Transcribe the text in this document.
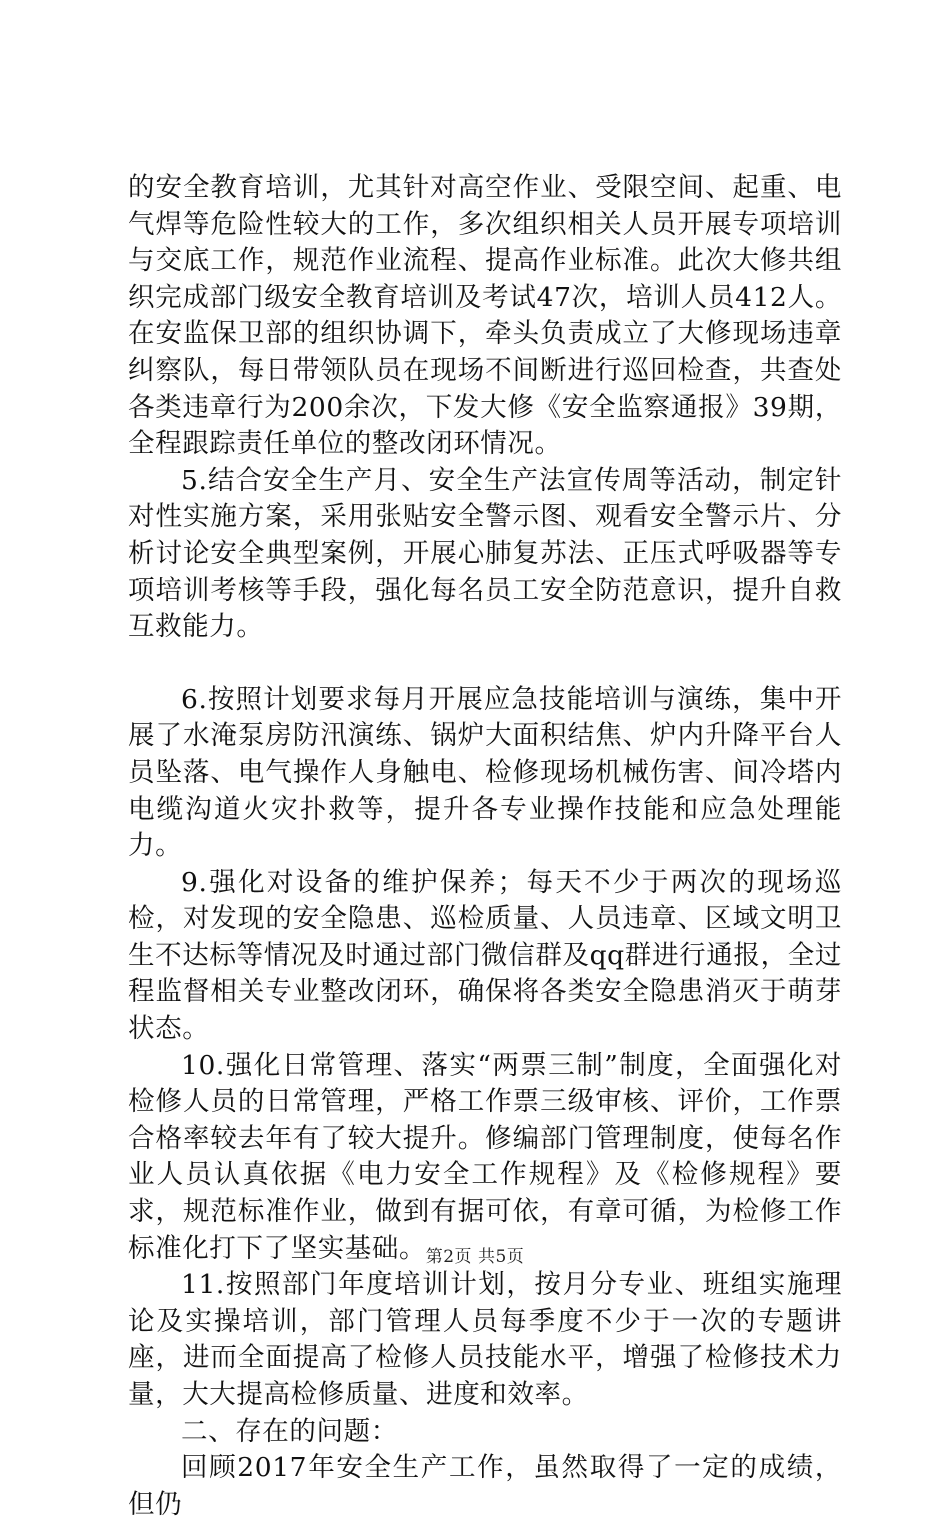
的安全教育培训，尤其针对高空作业、受限空间、起重、电气焊等危险性较大的工作，多次组织相关人员开展专项培训与交底工作，规范作业流程、提高作业标准。此次大修共组织完成部门级安全教育培训及考试47次，培训人员412人。在安监保卫部的组织协调下，牵头负责成立了大修现场违章纠察队，每日带领队员在现场不间断进行巡回检查，共查处各类违章行为200余次，下发大修《安全监察通报》39期，全程跟踪责任单位的整改闭环情况。

5.结合安全生产月、安全生产法宣传周等活动，制定针对性实施方案，采用张贴安全警示图、观看安全警示片、分析讨论安全典型案例，开展心肺复苏法、正压式呼吸器等专项培训考核等手段，强化每名员工安全防范意识，提升自救互救能力。

6.按照计划要求每月开展应急技能培训与演练，集中开展了水淹泵房防汛演练、锅炉大面积结焦、炉内升降平台人员坠落、电气操作人身触电、检修现场机械伤害、间冷塔内电缆沟道火灾扑救等，提升各专业操作技能和应急处理能力。

9.强化对设备的维护保养；每天不少于两次的现场巡检，对发现的安全隐患、巡检质量、人员违章、区域文明卫生不达标等情况及时通过部门微信群及qq群进行通报，全过程监督相关专业整改闭环，确保将各类安全隐患消灭于萌芽状态。

10.强化日常管理、落实“两票三制”制度，全面强化对检修人员的日常管理，严格工作票三级审核、评价，工作票合格率较去年有了较大提升。修编部门管理制度，使每名作业人员认真依据《电力安全工作规程》及《检修规程》要求，规范标准作业，做到有据可依，有章可循，为检修工作标准化打下了坚实基础。

11.按照部门年度培训计划，按月分专业、班组实施理论及实操培训，部门管理人员每季度不少于一次的专题讲座，进而全面提高了检修人员技能水平，增强了检修技术力量，大大提高检修质量、进度和效率。

二、存在的问题：

回顾2017年安全生产工作，虽然取得了一定的成绩，但仍

第2页 共5页
